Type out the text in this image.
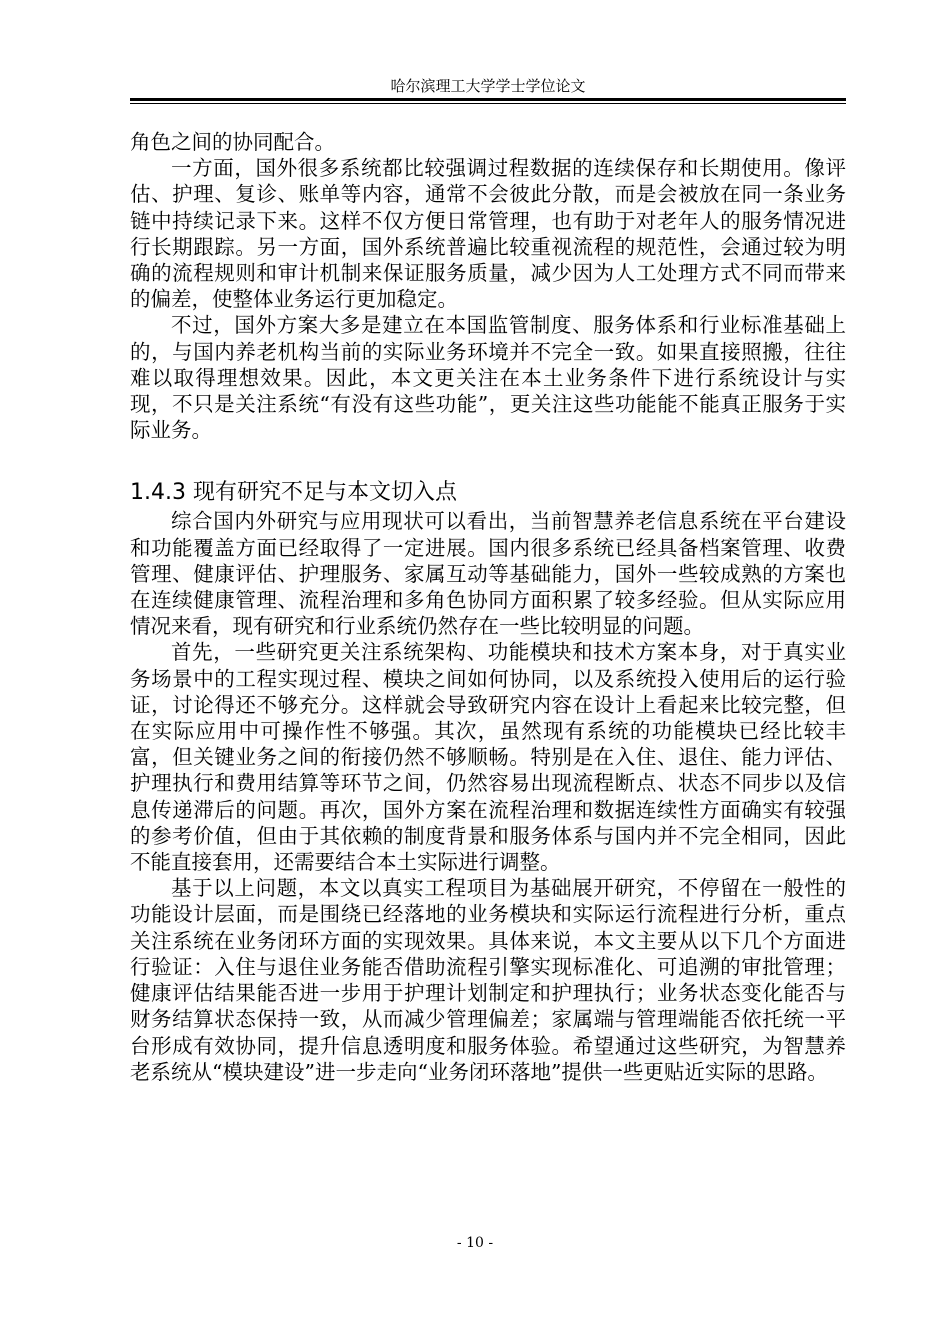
哈尔滨理工大学学士学位论文

角色之间的协同配合。

一方面，国外很多系统都比较强调过程数据的连续保存和长期使用。像评估、护理、复诊、账单等内容，通常不会彼此分散，而是会被放在同一条业务链中持续记录下来。这样不仅方便日常管理，也有助于对老年人的服务情况进行长期跟踪。另一方面，国外系统普遍比较重视流程的规范性，会通过较为明确的流程规则和审计机制来保证服务质量，减少因为人工处理方式不同而带来的偏差，使整体业务运行更加稳定。

不过，国外方案大多是建立在本国监管制度、服务体系和行业标准基础上的，与国内养老机构当前的实际业务环境并不完全一致。如果直接照搬，往往难以取得理想效果。因此，本文更关注在本土业务条件下进行系统设计与实现，不只是关注系统“有没有这些功能”，更关注这些功能能不能真正服务于实际业务。

1.4.3 现有研究不足与本文切入点

综合国内外研究与应用现状可以看出，当前智慧养老信息系统在平台建设和功能覆盖方面已经取得了一定进展。国内很多系统已经具备档案管理、收费管理、健康评估、护理服务、家属互动等基础能力，国外一些较成熟的方案也在连续健康管理、流程治理和多角色协同方面积累了较多经验。但从实际应用情况来看，现有研究和行业系统仍然存在一些比较明显的问题。

首先，一些研究更关注系统架构、功能模块和技术方案本身，对于真实业务场景中的工程实现过程、模块之间如何协同，以及系统投入使用后的运行验证，讨论得还不够充分。这样就会导致研究内容在设计上看起来比较完整，但在实际应用中可操作性不够强。其次，虽然现有系统的功能模块已经比较丰富，但关键业务之间的衔接仍然不够顺畅。特别是在入住、退住、能力评估、护理执行和费用结算等环节之间，仍然容易出现流程断点、状态不同步以及信息传递滞后的问题。再次，国外方案在流程治理和数据连续性方面确实有较强的参考价值，但由于其依赖的制度背景和服务体系与国内并不完全相同，因此不能直接套用，还需要结合本土实际进行调整。

基于以上问题，本文以真实工程项目为基础展开研究，不停留在一般性的功能设计层面，而是围绕已经落地的业务模块和实际运行流程进行分析，重点关注系统在业务闭环方面的实现效果。具体来说，本文主要从以下几个方面进行验证：入住与退住业务能否借助流程引擎实现标准化、可追溯的审批管理；健康评估结果能否进一步用于护理计划制定和护理执行；业务状态变化能否与财务结算状态保持一致，从而减少管理偏差；家属端与管理端能否依托统一平台形成有效协同，提升信息透明度和服务体验。希望通过这些研究，为智慧养老系统从“模块建设”进一步走向“业务闭环落地”提供一些更贴近实际的思路。

- 10 -
